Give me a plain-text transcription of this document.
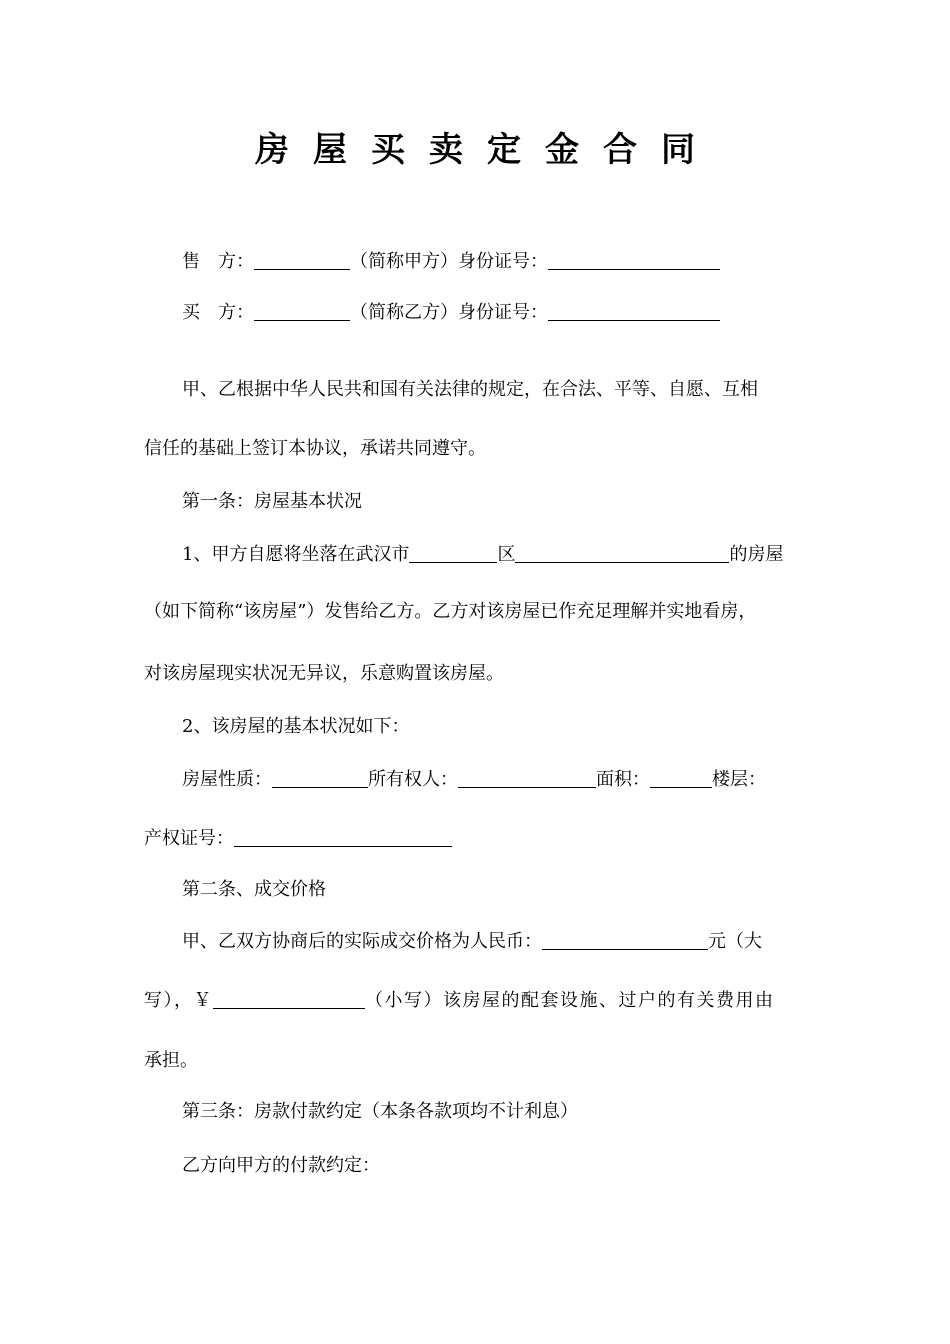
房屋买卖定金合同
售　方：	（简称甲方）身份证号：
买　方：	（简称乙方）身份证号：
甲、乙根据中华人民共和国有关法律的规定，在合法、平等、自愿、互相
信任的基础上签订本协议，承诺共同遵守。
第一条：房屋基本状况
1、甲方自愿将坐落在武汉市	区	的房屋
（如下简称“该房屋”）发售给乙方。乙方对该房屋已作充足理解并实地看房，
对该房屋现实状况无异议，乐意购置该房屋。
2、该房屋的基本状况如下：
房屋性质：	所有权人：	面积：	楼层：
产权证号：
第二条、成交价格
甲、乙双方协商后的实际成交价格为人民币：	元（大
写），￥	（小写）该房屋的配套设施、过户的有关费用由
承担。
第三条：房款付款约定（本条各款项均不计利息）
乙方向甲方的付款约定：
